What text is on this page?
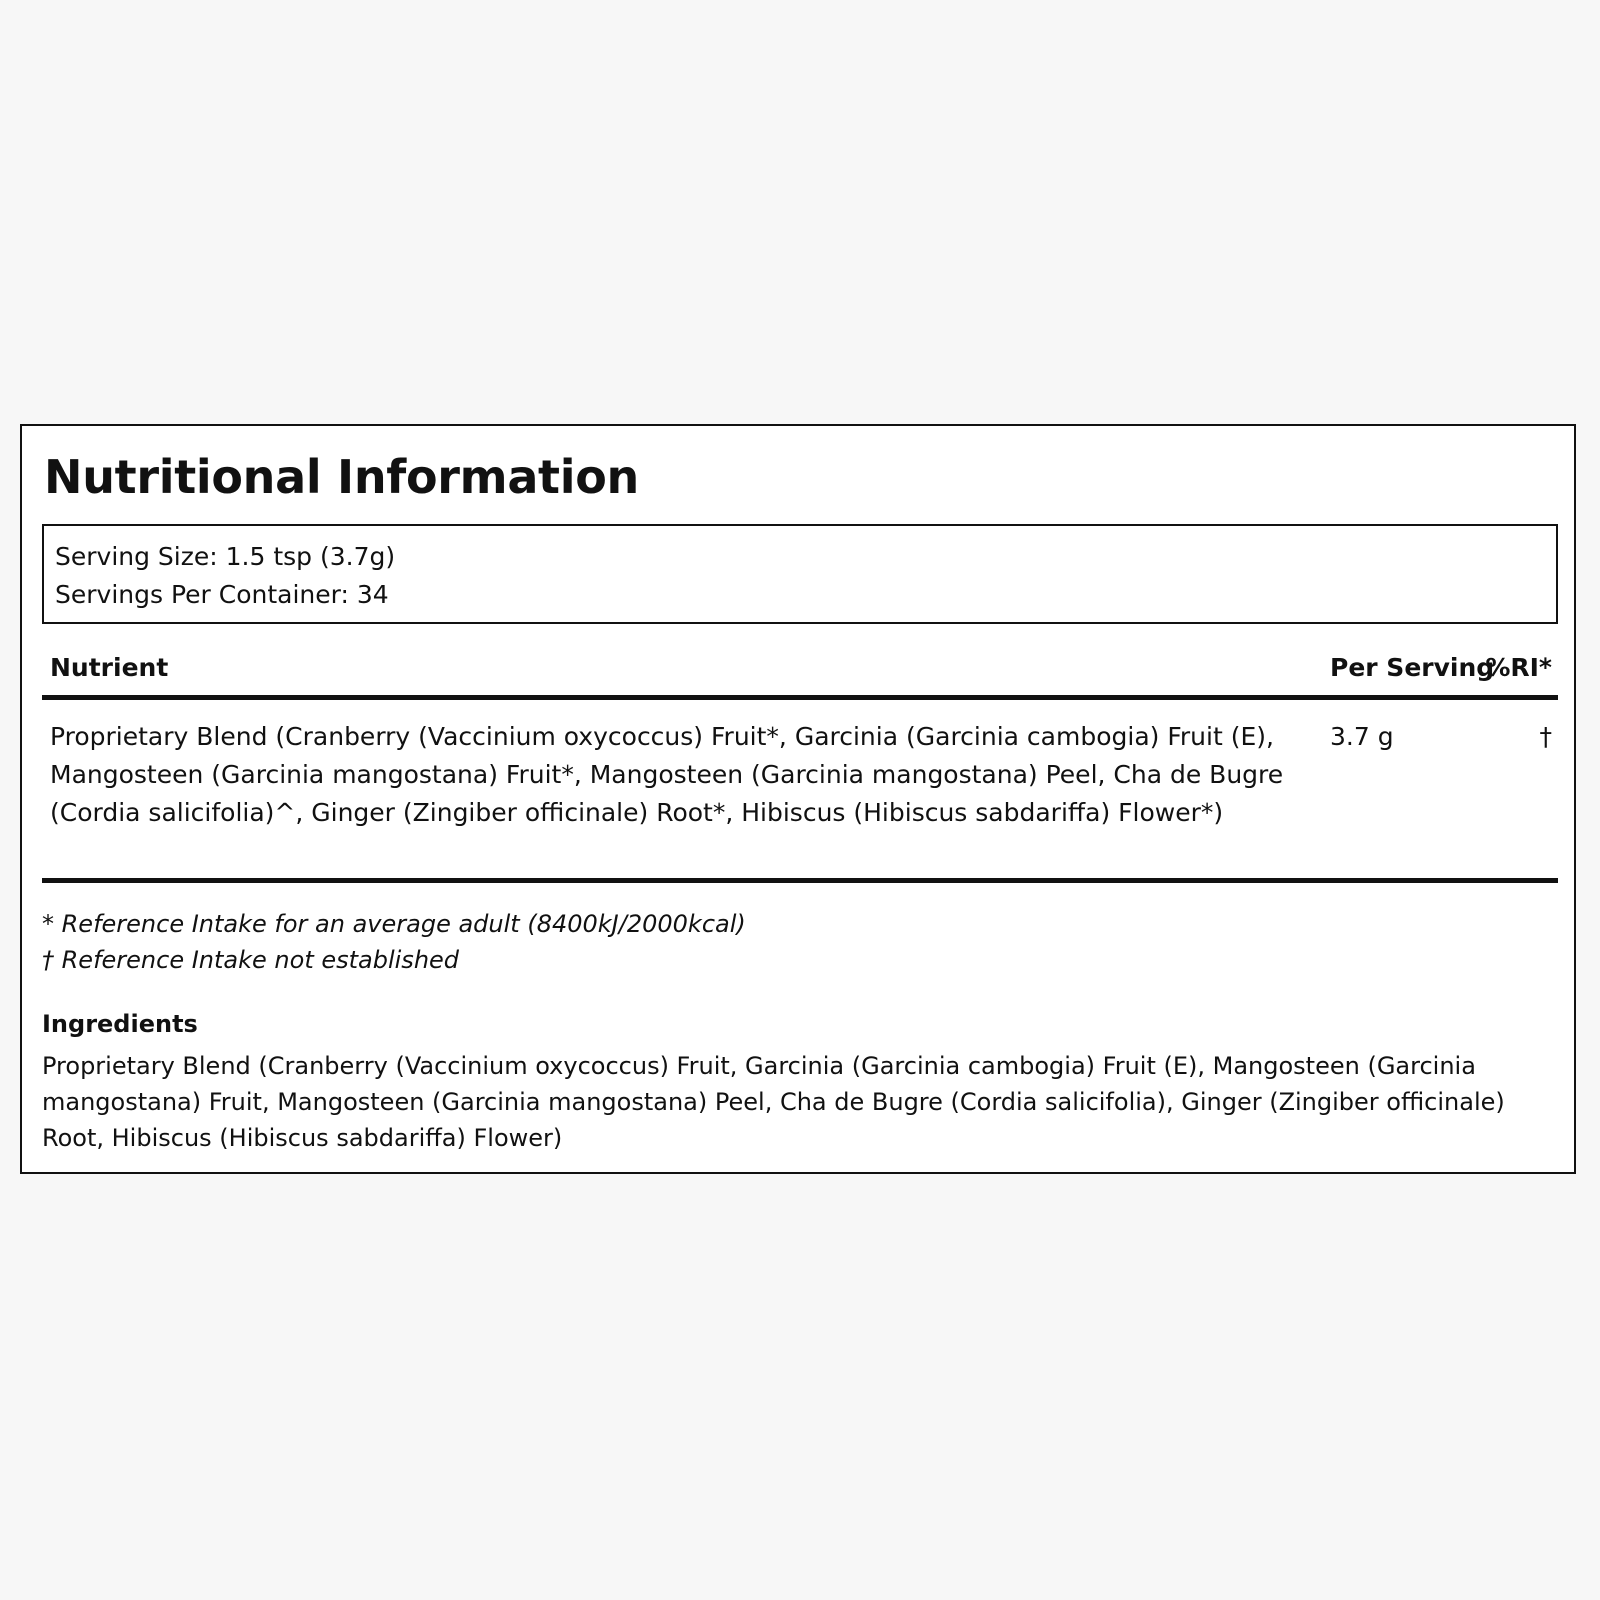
Nutritional Information
Serving Size: 1.5 tsp (3.7g)
Servings Per Container: 34
Nutrient	Per Serving
%RI*
Proprietary Blend (Cranberry (Vaccinium oxycoccus) Fruit*, Garcinia (Garcinia cambogia) Fruit (E), Mangosteen (Garcinia mangostana) Fruit*, Mangosteen (Garcinia mangostana) Peel, Cha de Bugre (Cordia salicifolia)^, Ginger (Zingiber officinale) Root*, Hibiscus (Hibiscus sabdariffa) Flower*)
3.7 g	†
* Reference Intake for an average adult (8400kJ/2000kcal)
† Reference Intake not established
Ingredients

Proprietary Blend (Cranberry (Vaccinium oxycoccus) Fruit, Garcinia (Garcinia cambogia) Fruit (E), Mangosteen (Garcinia mangostana) Fruit, Mangosteen (Garcinia mangostana) Peel, Cha de Bugre (Cordia salicifolia), Ginger (Zingiber officinale) Root, Hibiscus (Hibiscus sabdariffa) Flower)
